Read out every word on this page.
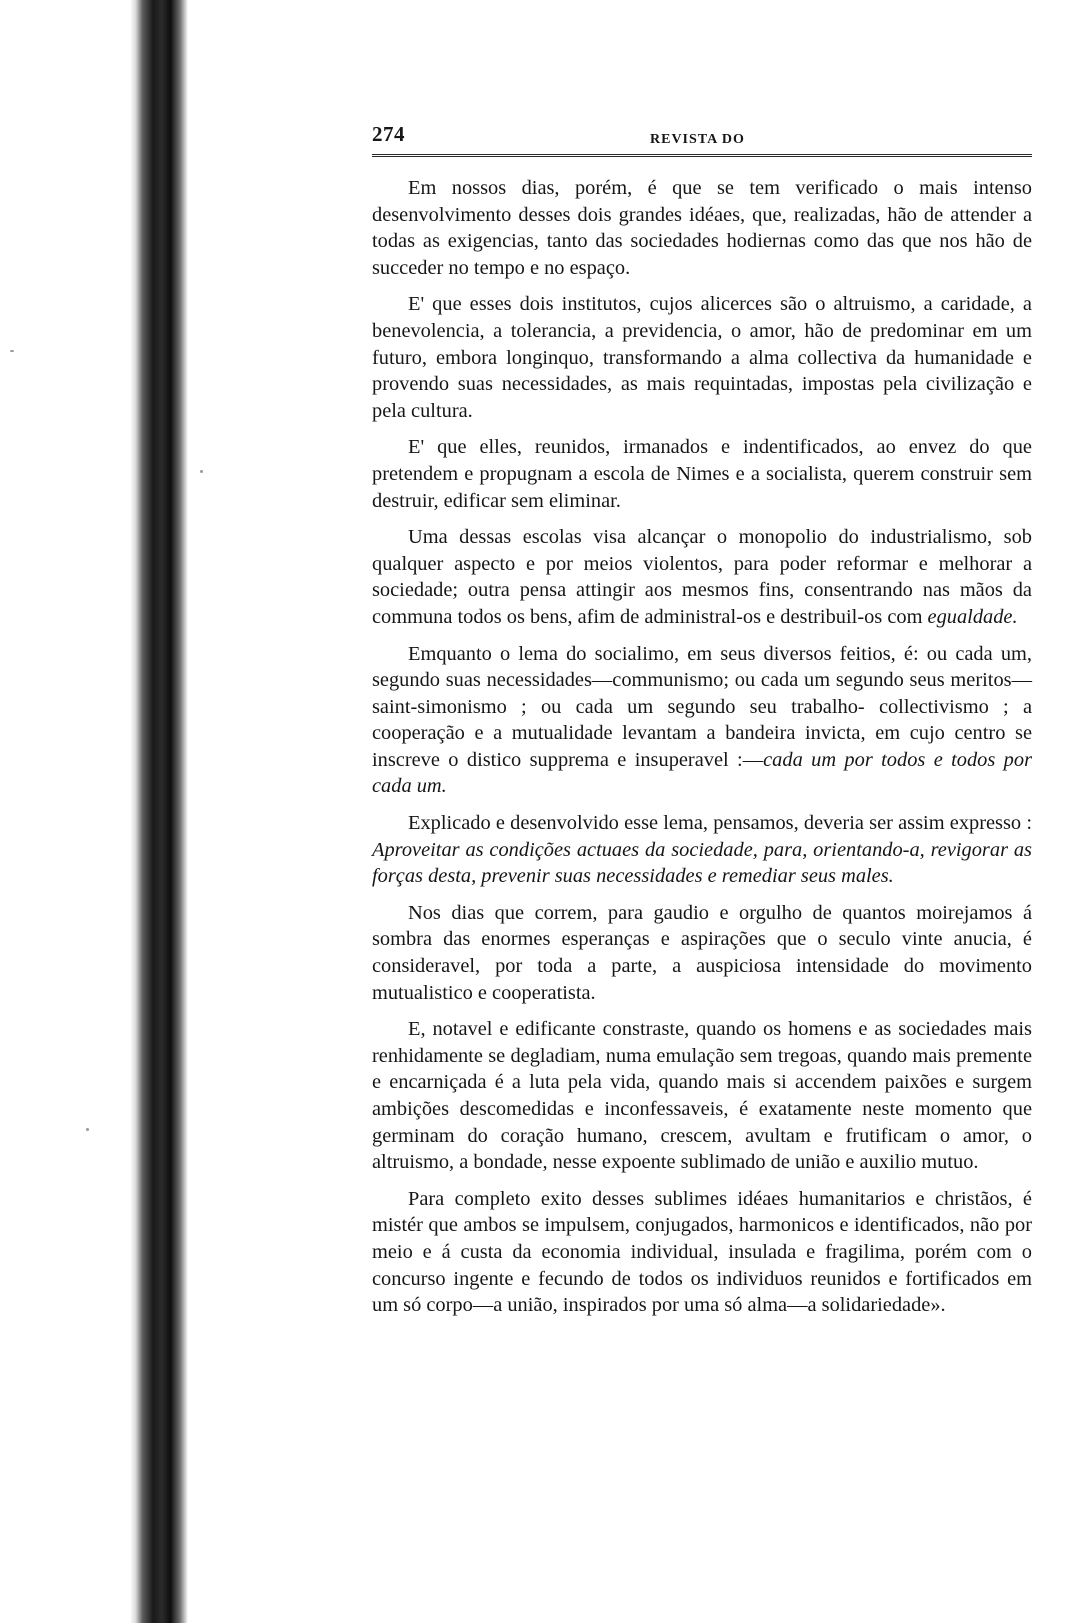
274	REVISTA DO

Em nossos dias, porém, é que se tem verificado o mais intenso desenvolvimento desses dois grandes idéaes, que, realizadas, hão de attender a todas as exigencias, tanto das sociedades hodiernas como das que nos hão de succeder no tempo e no espaço.

E' que esses dois institutos, cujos alicerces são o altruismo, a caridade, a benevolencia, a tolerancia, a previdencia, o amor, hão de predominar em um futuro, embora longinquo, transformando a alma collectiva da humanidade e provendo suas necessidades, as mais requintadas, impostas pela civilização e pela cultura.

E' que elles, reunidos, irmanados e indentificados, ao envez do que pretendem e propugnam a escola de Nimes e a socialista, querem construir sem destruir, edificar sem eliminar.

Uma dessas escolas visa alcançar o monopolio do industrialismo, sob qualquer aspecto e por meios violentos, para poder reformar e melhorar a sociedade; outra pensa attingir aos mesmos fins, consentrando nas mãos da communa todos os bens, afim de administral-os e destribuil-os com egualdade.

Emquanto o lema do socialimo, em seus diversos feitios, é: ou cada um, segundo suas necessidades—communismo; ou cada um segundo seus meritos—saint-simonismo ; ou cada um segundo seu trabalho- collectivismo ; a cooperação e a mutualidade levantam a bandeira invicta, em cujo centro se inscreve o distico supprema e insuperavel :—cada um por todos e todos por cada um.

Explicado e desenvolvido esse lema, pensamos, deveria ser assim expresso : Aproveitar as condições actuaes da sociedade, para, orientando-a, revigorar as forças desta, prevenir suas necessidades e remediar seus males.

Nos dias que correm, para gaudio e orgulho de quantos moirejamos á sombra das enormes esperanças e aspirações que o seculo vinte anucia, é consideravel, por toda a parte, a auspiciosa intensidade do movimento mutualistico e cooperatista.

E, notavel e edificante constraste, quando os homens e as sociedades mais renhidamente se degladiam, numa emulação sem tregoas, quando mais premente e encarniçada é a luta pela vida, quando mais si accendem paixões e surgem ambições descomedidas e inconfessaveis, é exatamente neste momento que germinam do coração humano, crescem, avultam e frutificam o amor, o altruismo, a bondade, nesse expoente sublimado de união e auxilio mutuo.

Para completo exito desses sublimes idéaes humanitarios e christãos, é mistér que ambos se impulsem, conjugados, harmonicos e identificados, não por meio e á custa da economia individual, insulada e fragilima, porém com o concurso ingente e fecundo de todos os individuos reunidos e fortificados em um só corpo—a união, inspirados por uma só alma—a solidariedade».
